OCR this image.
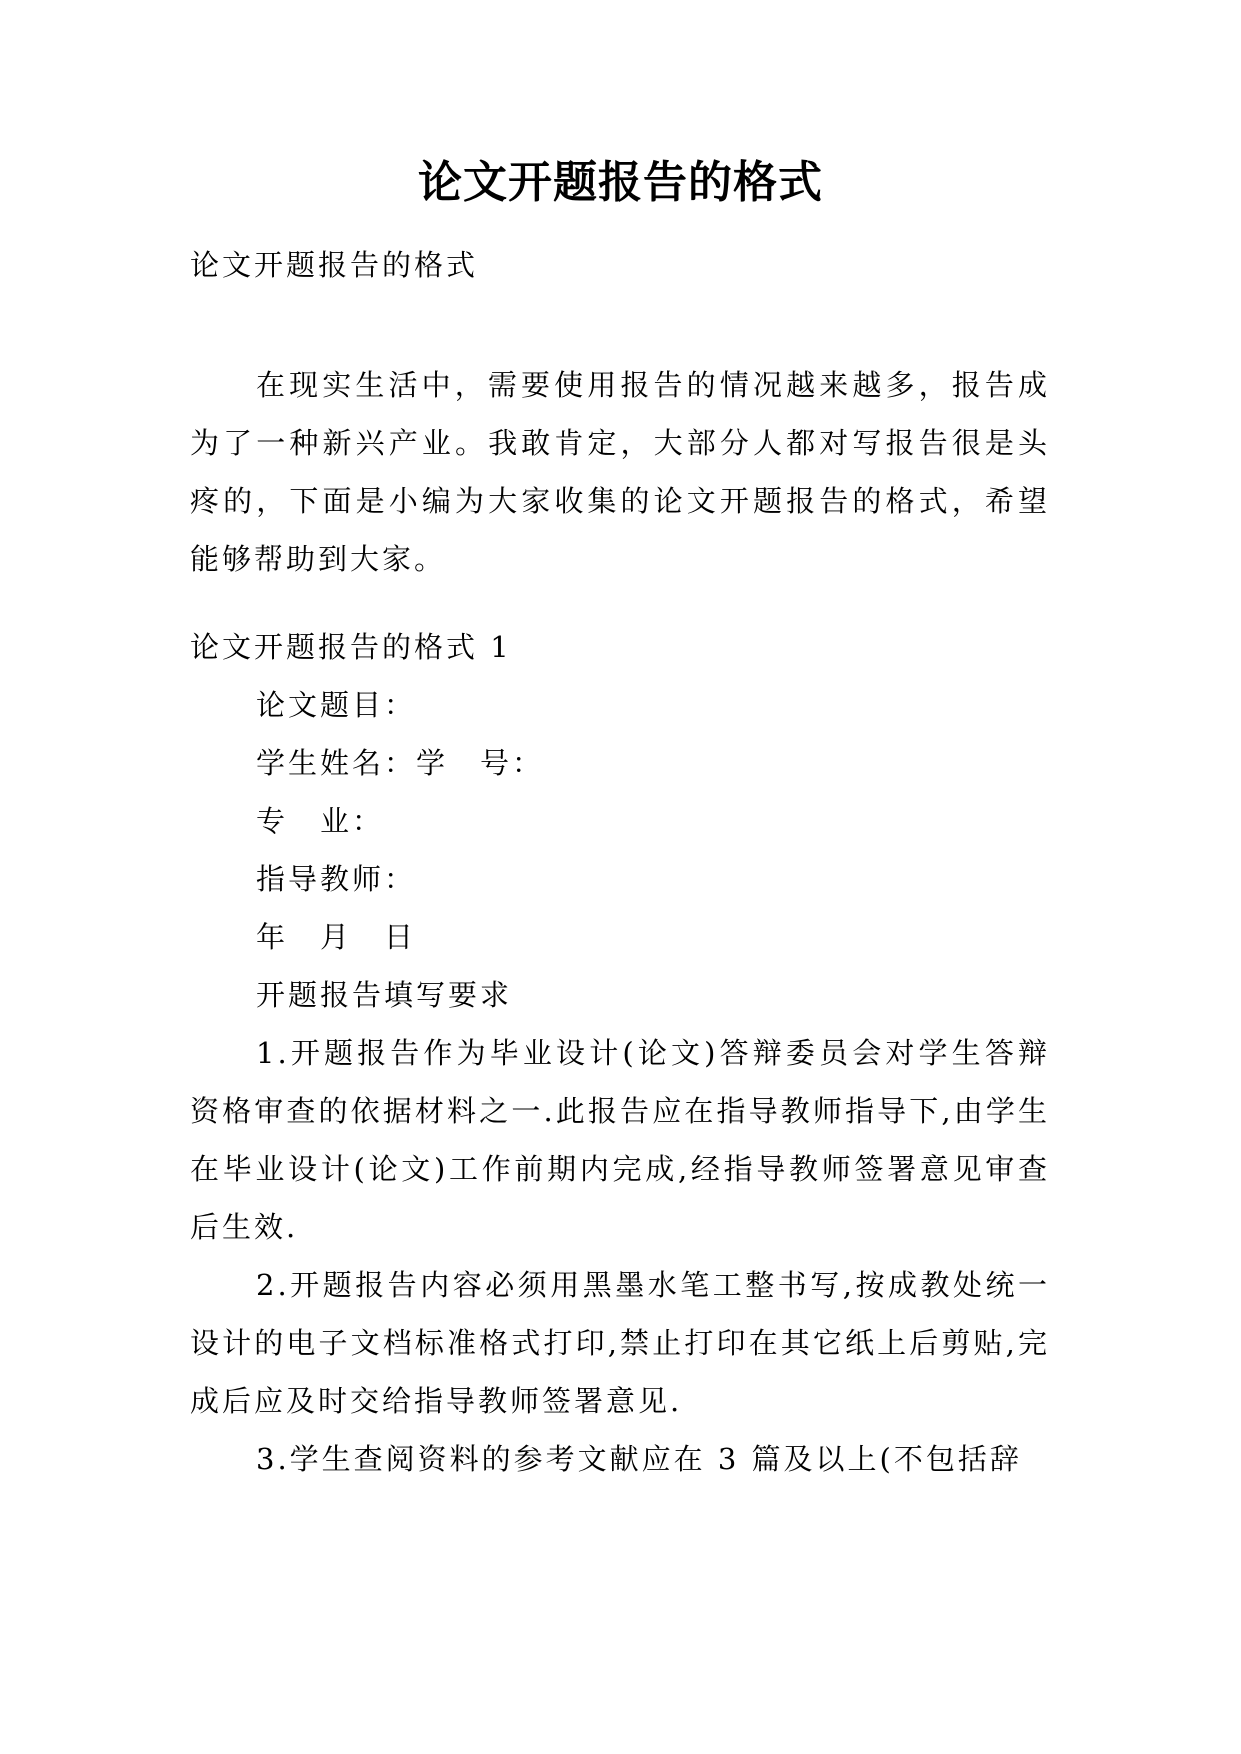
论文开题报告的格式

论文开题报告的格式

在现实生活中，需要使用报告的情况越来越多，报告成为了一种新兴产业。我敢肯定，大部分人都对写报告很是头疼的，下面是小编为大家收集的论文开题报告的格式，希望能够帮助到大家。

论文开题报告的格式 1

论文题目：

学生姓名：学　号：

专　业：

指导教师：

年　月　日

开题报告填写要求

1.开题报告作为毕业设计(论文)答辩委员会对学生答辩资格审查的依据材料之一.此报告应在指导教师指导下,由学生在毕业设计(论文)工作前期内完成,经指导教师签署意见审查后生效.

2.开题报告内容必须用黑墨水笔工整书写,按成教处统一设计的电子文档标准格式打印,禁止打印在其它纸上后剪贴,完成后应及时交给指导教师签署意见.

3.学生查阅资料的参考文献应在 3 篇及以上(不包括辞
